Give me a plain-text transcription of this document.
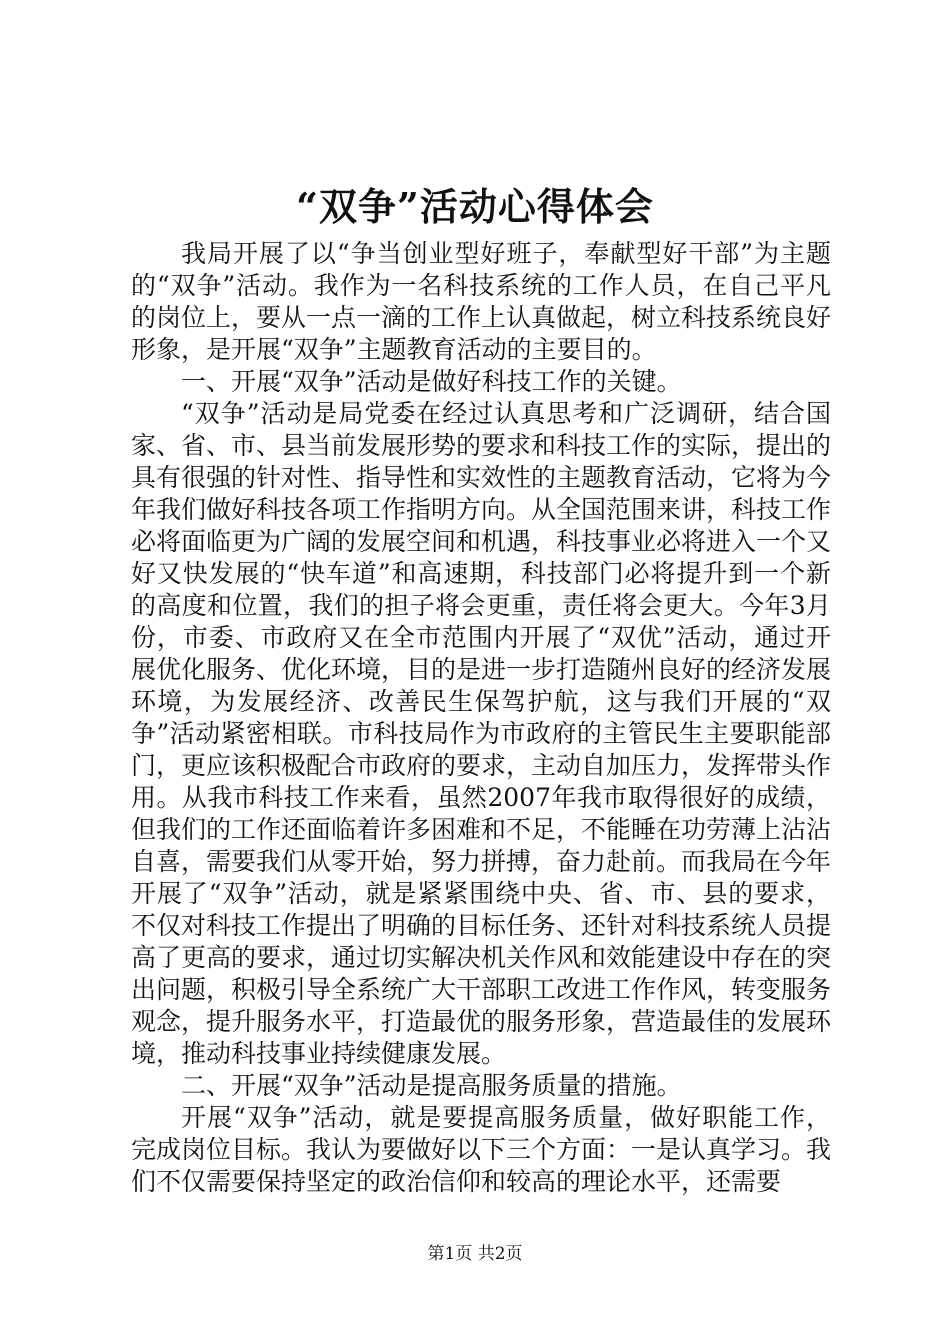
“双争”活动心得体会

我局开展了以“争当创业型好班子，奉献型好干部”为主题的“双争”活动。我作为一名科技系统的工作人员，在自己平凡的岗位上，要从一点一滴的工作上认真做起，树立科技系统良好形象，是开展“双争”主题教育活动的主要目的。

一、开展“双争”活动是做好科技工作的关键。

“双争”活动是局党委在经过认真思考和广泛调研，结合国家、省、市、县当前发展形势的要求和科技工作的实际，提出的具有很强的针对性、指导性和实效性的主题教育活动，它将为今年我们做好科技各项工作指明方向。从全国范围来讲，科技工作必将面临更为广阔的发展空间和机遇，科技事业必将进入一个又好又快发展的“快车道”和高速期，科技部门必将提升到一个新的高度和位置，我们的担子将会更重，责任将会更大。今年3月份，市委、市政府又在全市范围内开展了“双优”活动，通过开展优化服务、优化环境，目的是进一步打造随州良好的经济发展环境，为发展经济、改善民生保驾护航，这与我们开展的“双争”活动紧密相联。市科技局作为市政府的主管民生主要职能部门，更应该积极配合市政府的要求，主动自加压力，发挥带头作用。从我市科技工作来看，虽然2007年我市取得很好的成绩，但我们的工作还面临着许多困难和不足，不能睡在功劳薄上沾沾自喜，需要我们从零开始，努力拼搏，奋力赴前。而我局在今年开展了“双争”活动，就是紧紧围绕中央、省、市、县的要求，不仅对科技工作提出了明确的目标任务、还针对科技系统人员提高了更高的要求，通过切实解决机关作风和效能建设中存在的突出问题，积极引导全系统广大干部职工改进工作作风，转变服务观念，提升服务水平，打造最优的服务形象，营造最佳的发展环境，推动科技事业持续健康发展。

二、开展“双争”活动是提高服务质量的措施。

开展“双争”活动，就是要提高服务质量，做好职能工作，完成岗位目标。我认为要做好以下三个方面：一是认真学习。我们不仅需要保持坚定的政治信仰和较高的理论水平，还需要

第1页 共2页
